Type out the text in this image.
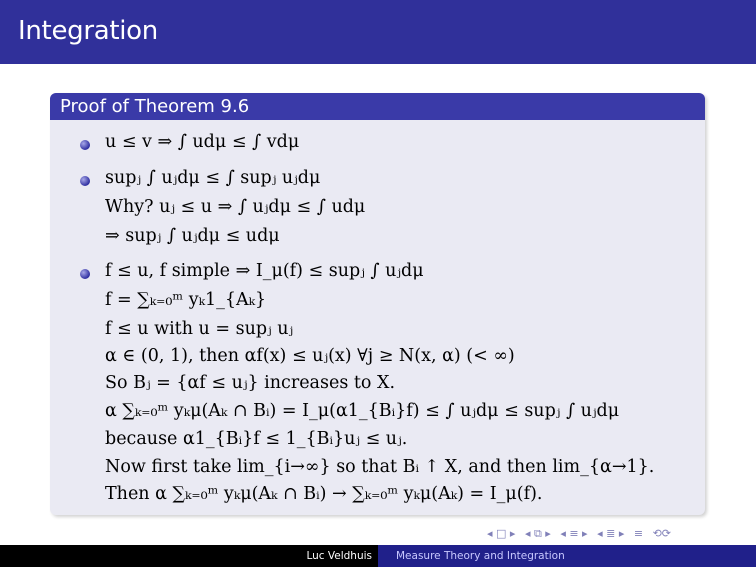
Integration
Proof of Theorem 9.6
u ≤ v ⇒ ∫ udμ ≤ ∫ vdμ
supⱼ ∫ uⱼdμ ≤ ∫ supⱼ uⱼdμ
Why? uⱼ ≤ u ⇒ ∫ uⱼdμ ≤ ∫ udμ
⇒ supⱼ ∫ uⱼdμ ≤ udμ
f ≤ u, f simple ⇒ I_μ(f) ≤ supⱼ ∫ uⱼdμ
f = ∑ₖ₌₀ᵐ yₖ1_{Aₖ}
f ≤ u with u = supⱼ uⱼ
α ∈ (0, 1), then αf(x) ≤ uⱼ(x) ∀j ≥ N(x, α) (< ∞)
So Bⱼ = {αf ≤ uⱼ} increases to X.
α ∑ₖ₌₀ᵐ yₖμ(Aₖ ∩ Bᵢ) = I_μ(α1_{Bᵢ}f) ≤ ∫ uⱼdμ ≤ supⱼ ∫ uⱼdμ
because α1_{Bᵢ}f ≤ 1_{Bᵢ}uⱼ ≤ uⱼ.
Now first take lim_{i→∞} so that Bᵢ ↑ X, and then lim_{α→1}.
Then α ∑ₖ₌₀ᵐ yₖμ(Aₖ ∩ Bᵢ) → ∑ₖ₌₀ᵐ yₖμ(Aₖ) = I_μ(f).
◂ □ ▸ ◂ ⧉ ▸ ◂ ≡ ▸ ◂ ≣ ▸ ≡ ⟲⟳
Luc Veldhuis Measure Theory and Integration
